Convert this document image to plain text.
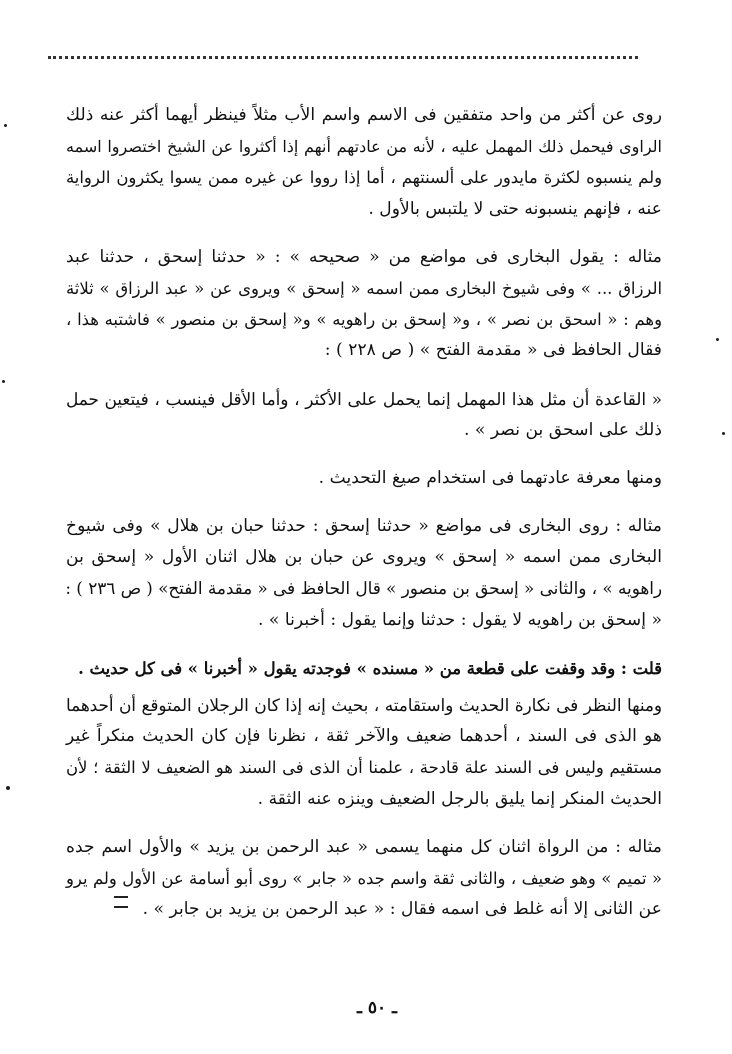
روى عن أكثر من واحد متفقين فى الاسم واسم الأب مثلاً فينظر أيهما أكثر عنه ذلك
الراوى فيحمل ذلك المهمل عليه ، لأنه من عادتهم أنهم إذا أكثروا عن الشيخ اختصروا اسمه
ولم ينسبوه لكثرة مايدور على ألسنتهم ، أما إذا رووا عن غيره ممن يسوا يكثرون الرواية
عنه ، فإنهم ينسبونه حتى لا يلتبس بالأول .
مثاله : يقول البخارى فى مواضع من « صحيحه » : « حدثنا إسحق ، حدثنا عبد
الرزاق ... » وفى شيوخ البخارى ممن اسمه « إسحق » ويروى عن « عبد الرزاق » ثلاثة
وهم : « اسحق بن نصر » ، و« إسحق بن راهويه » و« إسحق بن منصور » فاشتبه هذا ،
فقال الحافظ فى « مقدمة الفتح » ( ص ٢٢٨ ) :
« القاعدة أن مثل هذا المهمل إنما يحمل على الأكثر ، وأما الأقل فينسب ، فيتعين حمل
ذلك على اسحق بن نصر » .
ومنها معرفة عادتهما فى استخدام صيغ التحديث .
مثاله : روى البخارى فى مواضع « حدثنا إسحق : حدثنا حبان بن هلال » وفى شيوخ
البخارى ممن اسمه « إسحق » ويروى عن حبان بن هلال اثنان الأول « إسحق بن
راهويه » ، والثانى « إسحق بن منصور » قال الحافظ فى « مقدمة الفتح» ( ص ٢٣٦ ) :
« إسحق بن راهويه لا يقول : حدثنا وإنما يقول : أخبرنا » .
قلت : وقد وقفت على قطعة من « مسنده » فوجدته يقول « أخبرنا » فى كل حديث .
ومنها النظر فى نكارة الحديث واستقامته ، بحيث إنه إذا كان الرجلان المتوقع أن أحدهما
هو الذى فى السند ، أحدهما ضعيف والآخر ثقة ، نظرنا فإن كان الحديث منكراً غير
مستقيم وليس فى السند علة قادحة ، علمنا أن الذى فى السند هو الضعيف لا الثقة ؛ لأن
الحديث المنكر إنما يليق بالرجل الضعيف وينزه عنه الثقة .
مثاله : من الرواة اثنان كل منهما يسمى « عبد الرحمن بن يزيد » والأول اسم جده
« تميم » وهو ضعيف ، والثانى ثقة واسم جده « جابر » روى أبو أسامة عن الأول ولم يرو
عن الثانى إلا أنه غلط فى اسمه فقال : « عبد الرحمن بن يزيد بن جابر » .
ـ ٥٠ ـ
